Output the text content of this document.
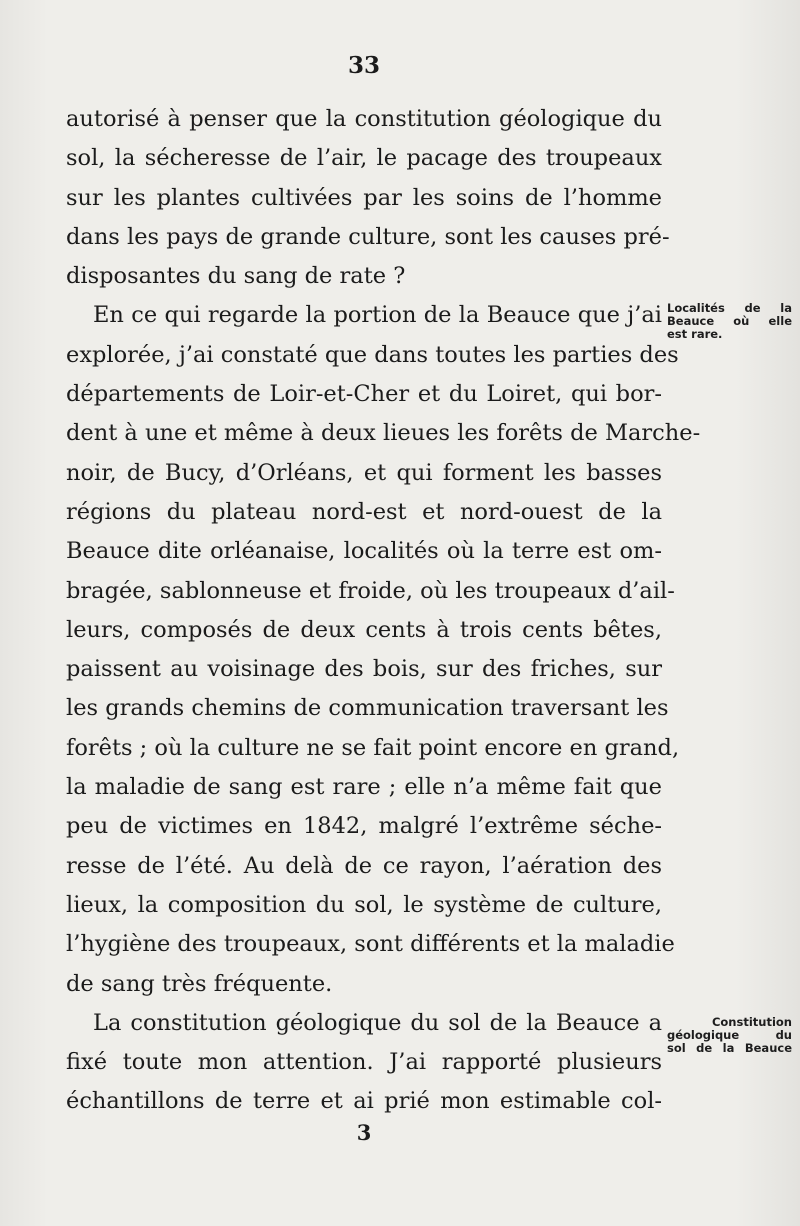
33
autorisé à penser que la constitution géologique du
sol, la sécheresse de l’air, le pacage des troupeaux
sur les plantes cultivées par les soins de l’homme
dans les pays de grande culture, sont les causes pré-
disposantes du sang de rate ?
En ce qui regarde la portion de la Beauce que j’ai
explorée, j’ai constaté que dans toutes les parties des
départements de Loir-et-Cher et du Loiret, qui bor-
dent à une et même à deux lieues les forêts de Marche-
noir, de Bucy, d’Orléans, et qui forment les basses
régions du plateau nord-est et nord-ouest de la
Beauce dite orléanaise, localités où la terre est om-
bragée, sablonneuse et froide, où les troupeaux d’ail-
leurs, composés de deux cents à trois cents bêtes,
paissent au voisinage des bois, sur des friches, sur
les grands chemins de communication traversant les
forêts ; où la culture ne se fait point encore en grand,
la maladie de sang est rare ; elle n’a même fait que
peu de victimes en 1842, malgré l’extrême séche-
resse de l’été. Au delà de ce rayon, l’aération des
lieux, la composition du sol, le système de culture,
l’hygiène des troupeaux, sont différents et la maladie
de sang très fréquente.
La constitution géologique du sol de la Beauce a
fixé toute mon attention. J’ai rapporté plusieurs
échantillons de terre et ai prié mon estimable col-
Localités de la
Beauce où elle
est rare.
Constitution
géologique du
sol de la Beauce
3
